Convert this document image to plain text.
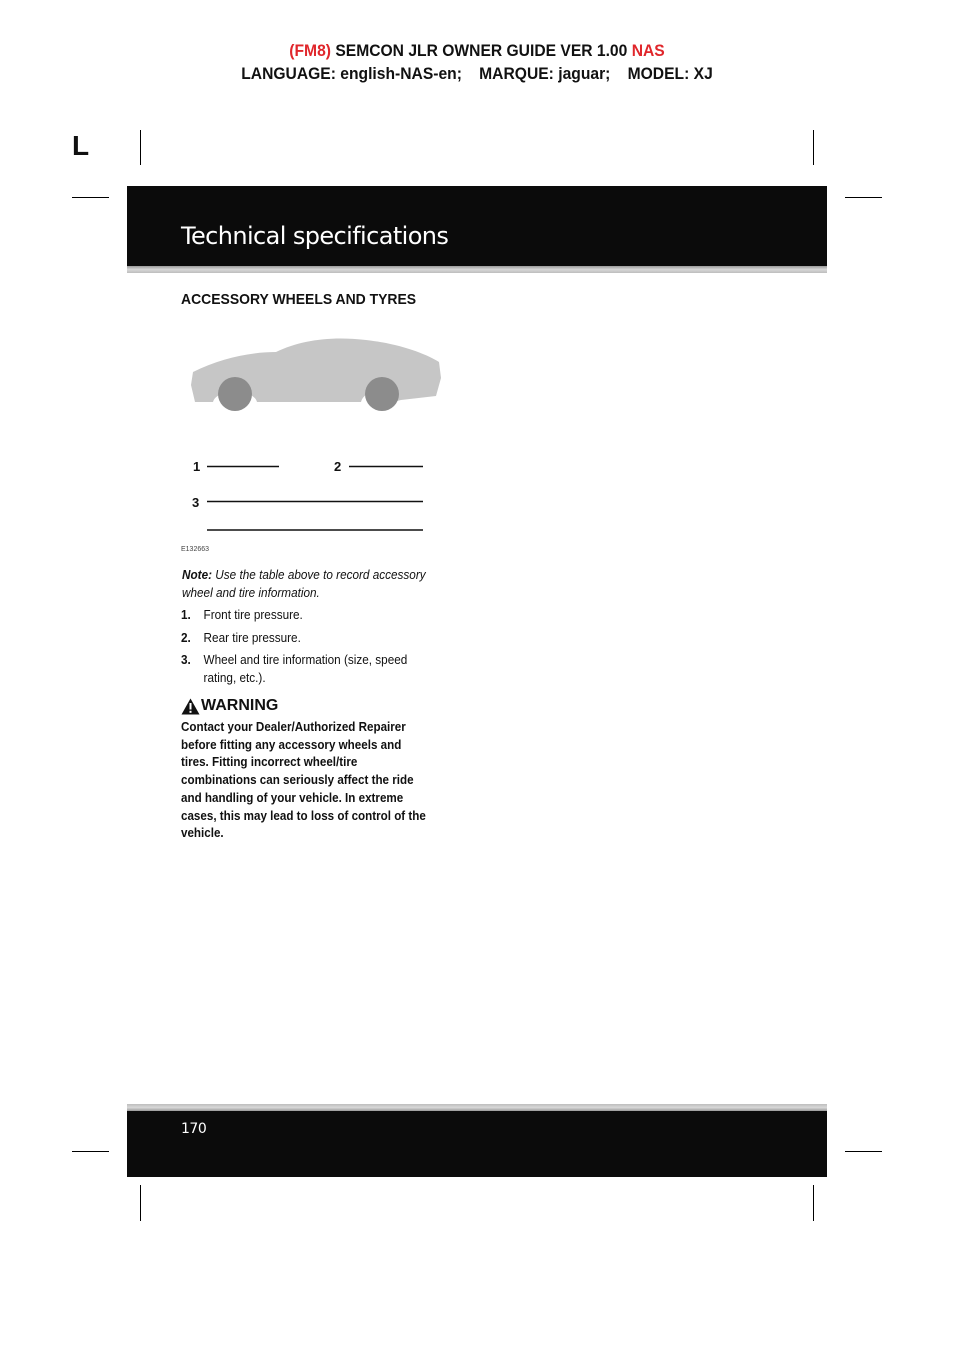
(FM8) SEMCON JLR OWNER GUIDE VER 1.00 NAS
LANGUAGE: english-NAS-en; MARQUE: jaguar; MODEL: XJ
L
Technical specifications
ACCESSORY WHEELS AND TYRES
1	2
3
E132663
Note: Use the table above to record accessory wheel and tire information.
1. Front tire pressure.
2. Rear tire pressure.
3. Wheel and tire information (size, speed rating, etc.).
WARNING
Contact your Dealer/Authorized Repairer before fitting any accessory wheels and tires. Fitting incorrect wheel/tire combinations can seriously affect the ride and handling of your vehicle. In extreme cases, this may lead to loss of control of the vehicle.
170
